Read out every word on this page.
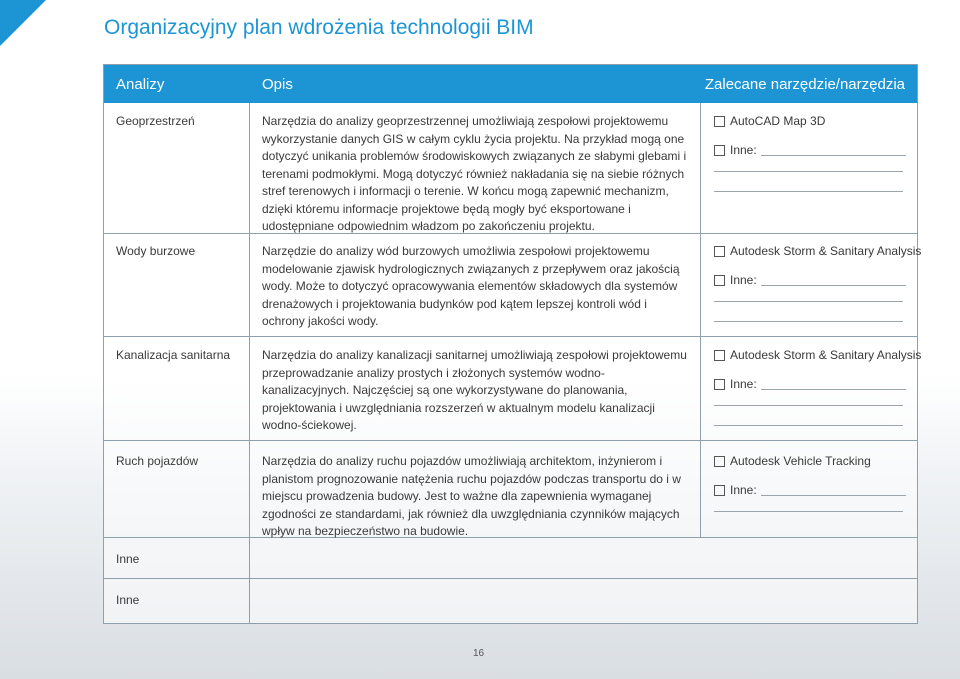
Organizacyjny plan wdrożenia technologii BIM
Analizy	Opis	Zalecane narzędzie/narzędzia
Geoprzestrzeń	Narzędzia do analizy geoprzestrzennej umożliwiają zespołowi projektowemu wykorzystanie danych GIS w całym cyklu życia projektu. Na przykład mogą one dotyczyć unikania problemów środowiskowych związanych ze słabymi glebami i terenami podmokłymi. Mogą dotyczyć również nakładania się na siebie różnych stref terenowych i informacji o terenie. W końcu mogą zapewnić mechanizm, dzięki któremu informacje projektowe będą mogły być eksportowane i udostępniane odpowiednim władzom po zakończeniu projektu.
AutoCAD Map 3D
Inne:
Wody burzowe	Narzędzie do analizy wód burzowych umożliwia zespołowi projektowemu modelowanie zjawisk hydrologicznych związanych z przepływem oraz jakością wody. Może to dotyczyć opracowywania elementów składowych dla systemów drenażowych i projektowania budynków pod kątem lepszej kontroli wód i ochrony jakości wody.
Autodesk Storm & Sanitary Analysis
Inne:
Kanalizacja sanitarna	Narzędzia do analizy kanalizacji sanitarnej umożliwiają zespołowi projektowemu przeprowadzanie analizy prostych i złożonych systemów wodno-kanalizacyjnych. Najczęściej są one wykorzystywane do planowania, projektowania i uwzględniania rozszerzeń w aktualnym modelu kanalizacji wodno-ściekowej.
Autodesk Storm & Sanitary Analysis
Inne:
Ruch pojazdów	Narzędzia do analizy ruchu pojazdów umożliwiają architektom, inżynierom i planistom prognozowanie natężenia ruchu pojazdów podczas transportu do i w miejscu prowadzenia budowy. Jest to ważne dla zapewnienia wymaganej zgodności ze standardami, jak również dla uwzględniania czynników mających wpływ na bezpieczeństwo na budowie.
Autodesk Vehicle Tracking
Inne:
Inne
Inne
16
